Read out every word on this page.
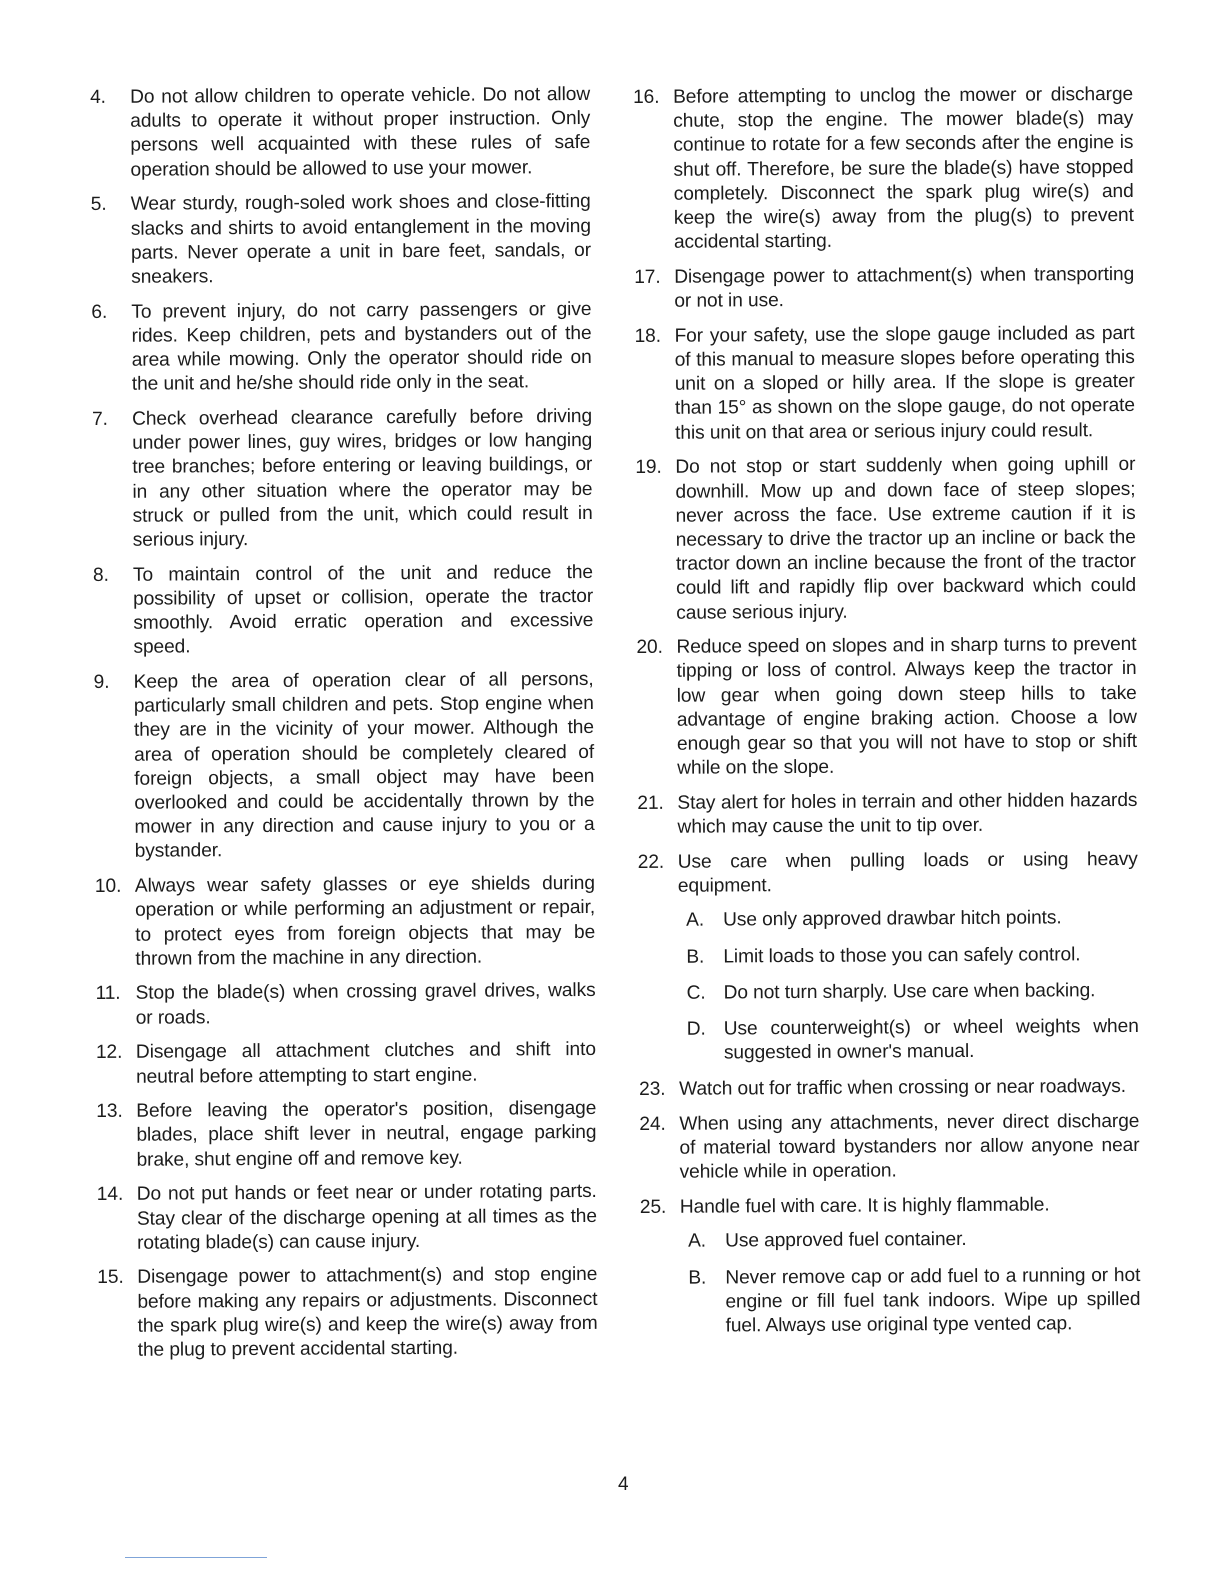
4.	Do not allow children to operate vehicle. Do not allow adults to operate it without proper instruction. Only persons well acquainted with these rules of safe operation should be allowed to use your mower.
5.	Wear sturdy, rough-soled work shoes and close-fitting slacks and shirts to avoid entanglement in the moving parts. Never operate a unit in bare feet, sandals, or sneakers.
6.	To prevent injury, do not carry passengers or give rides. Keep children, pets and bystanders out of the area while mowing. Only the operator should ride on the unit and he/she should ride only in the seat.
7.	Check overhead clearance carefully before driving under power lines, guy wires, bridges or low hanging tree branches; before entering or leaving buildings, or in any other situation where the operator may be struck or pulled from the unit, which could result in serious injury.
8.	To maintain control of the unit and reduce the possibility of upset or collision, operate the tractor smoothly. Avoid erratic operation and excessive speed.
9.	Keep the area of operation clear of all persons, particularly small children and pets. Stop engine when they are in the vicinity of your mower. Although the area of operation should be completely cleared of foreign objects, a small object may have been overlooked and could be accidentally thrown by the mower in any direction and cause injury to you or a bystander.
10. Always wear safety glasses or eye shields during operation or while performing an adjustment or repair, to protect eyes from foreign objects that may be thrown from the machine in any direction.
11. Stop the blade(s) when crossing gravel drives, walks or roads.
12. Disengage all attachment clutches and shift into neutral before attempting to start engine.
13. Before leaving the operator's position, disengage blades, place shift lever in neutral, engage parking brake, shut engine off and remove key.
14. Do not put hands or feet near or under rotating parts. Stay clear of the discharge opening at all times as the rotating blade(s) can cause injury.
15. Disengage power to attachment(s) and stop engine before making any repairs or adjustments. Disconnect the spark plug wire(s) and keep the wire(s) away from the plug to prevent accidental starting.
16. Before attempting to unclog the mower or discharge chute, stop the engine. The mower blade(s) may continue to rotate for a few seconds after the engine is shut off. Therefore, be sure the blade(s) have stopped completely. Disconnect the spark plug wire(s) and keep the wire(s) away from the plug(s) to prevent accidental starting.
17. Disengage power to attachment(s) when transporting or not in use.
18. For your safety, use the slope gauge included as part of this manual to measure slopes before operating this unit on a sloped or hilly area. If the slope is greater than 15° as shown on the slope gauge, do not operate this unit on that area or serious injury could result.
19. Do not stop or start suddenly when going uphill or downhill. Mow up and down face of steep slopes; never across the face. Use extreme caution if it is necessary to drive the tractor up an incline or back the tractor down an incline because the front of the tractor could lift and rapidly flip over backward which could cause serious injury.
20. Reduce speed on slopes and in sharp turns to prevent tipping or loss of control. Always keep the tractor in low gear when going down steep hills to take advantage of engine braking action. Choose a low enough gear so that you will not have to stop or shift while on the slope.
21. Stay alert for holes in terrain and other hidden hazards which may cause the unit to tip over.
22. Use care when pulling loads or using heavy equipment.
A. Use only approved drawbar hitch points.
B. Limit loads to those you can safely control.
C. Do not turn sharply. Use care when backing.
D. Use counterweight(s) or wheel weights when suggested in owner's manual.
23. Watch out for traffic when crossing or near roadways.
24. When using any attachments, never direct discharge of material toward bystanders nor allow anyone near vehicle while in operation.
25. Handle fuel with care. It is highly flammable.
A. Use approved fuel container.
B. Never remove cap or add fuel to a running or hot engine or fill fuel tank indoors. Wipe up spilled fuel. Always use original type vented cap.
4
